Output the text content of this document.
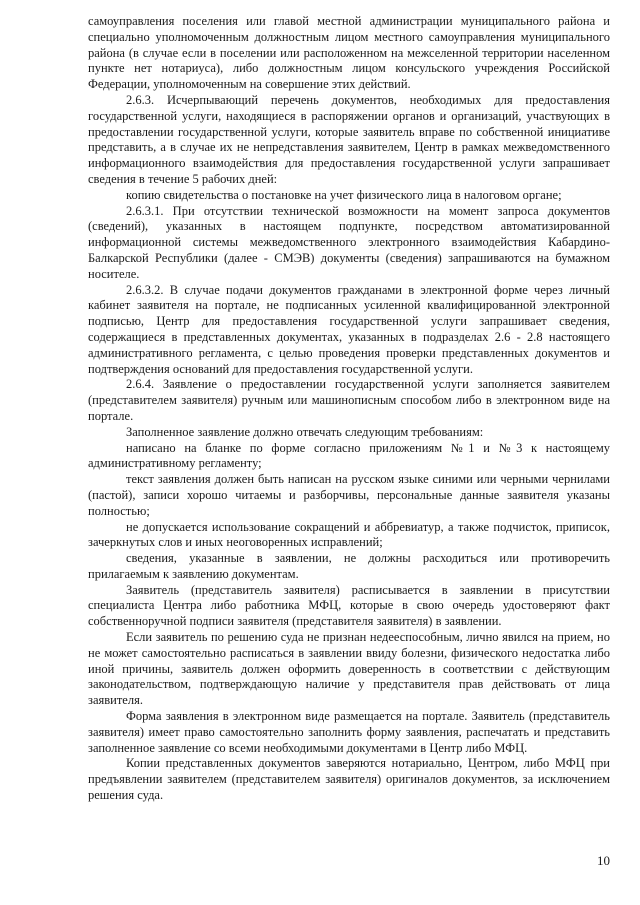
самоуправления поселения или главой местной администрации муниципального района и специально уполномоченным должностным лицом местного самоуправления муниципального района (в случае если в поселении или расположенном на межселенной территории населенном пункте нет нотариуса), либо должностным лицом консульского учреждения Российской Федерации, уполномоченным на совершение этих действий.

2.6.3. Исчерпывающий перечень документов, необходимых для предоставления государственной услуги, находящиеся в распоряжении органов и организаций, участвующих в предоставлении государственной услуги, которые заявитель вправе по собственной инициативе представить, а в случае их не непредставления заявителем, Центр в рамках межведомственного информационного взаимодействия для предоставления государственной услуги запрашивает сведения в течение 5 рабочих дней:

копию свидетельства о постановке на учет физического лица в налоговом органе;

2.6.3.1. При отсутствии технической возможности на момент запроса документов (сведений), указанных в настоящем подпункте, посредством автоматизированной информационной системы межведомственного электронного взаимодействия Кабардино-Балкарской Республики (далее - СМЭВ) документы (сведения) запрашиваются на бумажном носителе.

2.6.3.2. В случае подачи документов гражданами в электронной форме через личный кабинет заявителя на портале, не подписанных усиленной квалифицированной электронной подписью, Центр для предоставления государственной услуги запрашивает сведения, содержащиеся в представленных документах, указанных в подразделах 2.6 - 2.8 настоящего административного регламента, с целью проведения проверки представленных документов и подтверждения оснований для предоставления государственной услуги.

2.6.4. Заявление о предоставлении государственной услуги заполняется заявителем (представителем заявителя) ручным или машинописным способом либо в электронном виде на портале.

Заполненное заявление должно отвечать следующим требованиям:

написано на бланке по форме согласно приложениям №1 и №3 к настоящему административному регламенту;

текст заявления должен быть написан на русском языке синими или черными чернилами (пастой), записи хорошо читаемы и разборчивы, персональные данные заявителя указаны полностью;

не допускается использование сокращений и аббревиатур, а также подчисток, приписок, зачеркнутых слов и иных неоговоренных исправлений;

сведения, указанные в заявлении, не должны расходиться или противоречить прилагаемым к заявлению документам.

Заявитель (представитель заявителя) расписывается в заявлении в присутствии специалиста Центра либо работника МФЦ, которые в свою очередь удостоверяют факт собственноручной подписи заявителя (представителя заявителя) в заявлении.

Если заявитель по решению суда не признан недееспособным, лично явился на прием, но не может самостоятельно расписаться в заявлении ввиду болезни, физического недостатка либо иной причины, заявитель должен оформить доверенность в соответствии с действующим законодательством, подтверждающую наличие у представителя прав действовать от лица заявителя.

Форма заявления в электронном виде размещается на портале. Заявитель (представитель заявителя) имеет право самостоятельно заполнить форму заявления, распечатать и представить заполненное заявление со всеми необходимыми документами в Центр либо МФЦ.

Копии представленных документов заверяются нотариально, Центром, либо МФЦ при предъявлении заявителем (представителем заявителя) оригиналов документов, за исключением решения суда.

10
